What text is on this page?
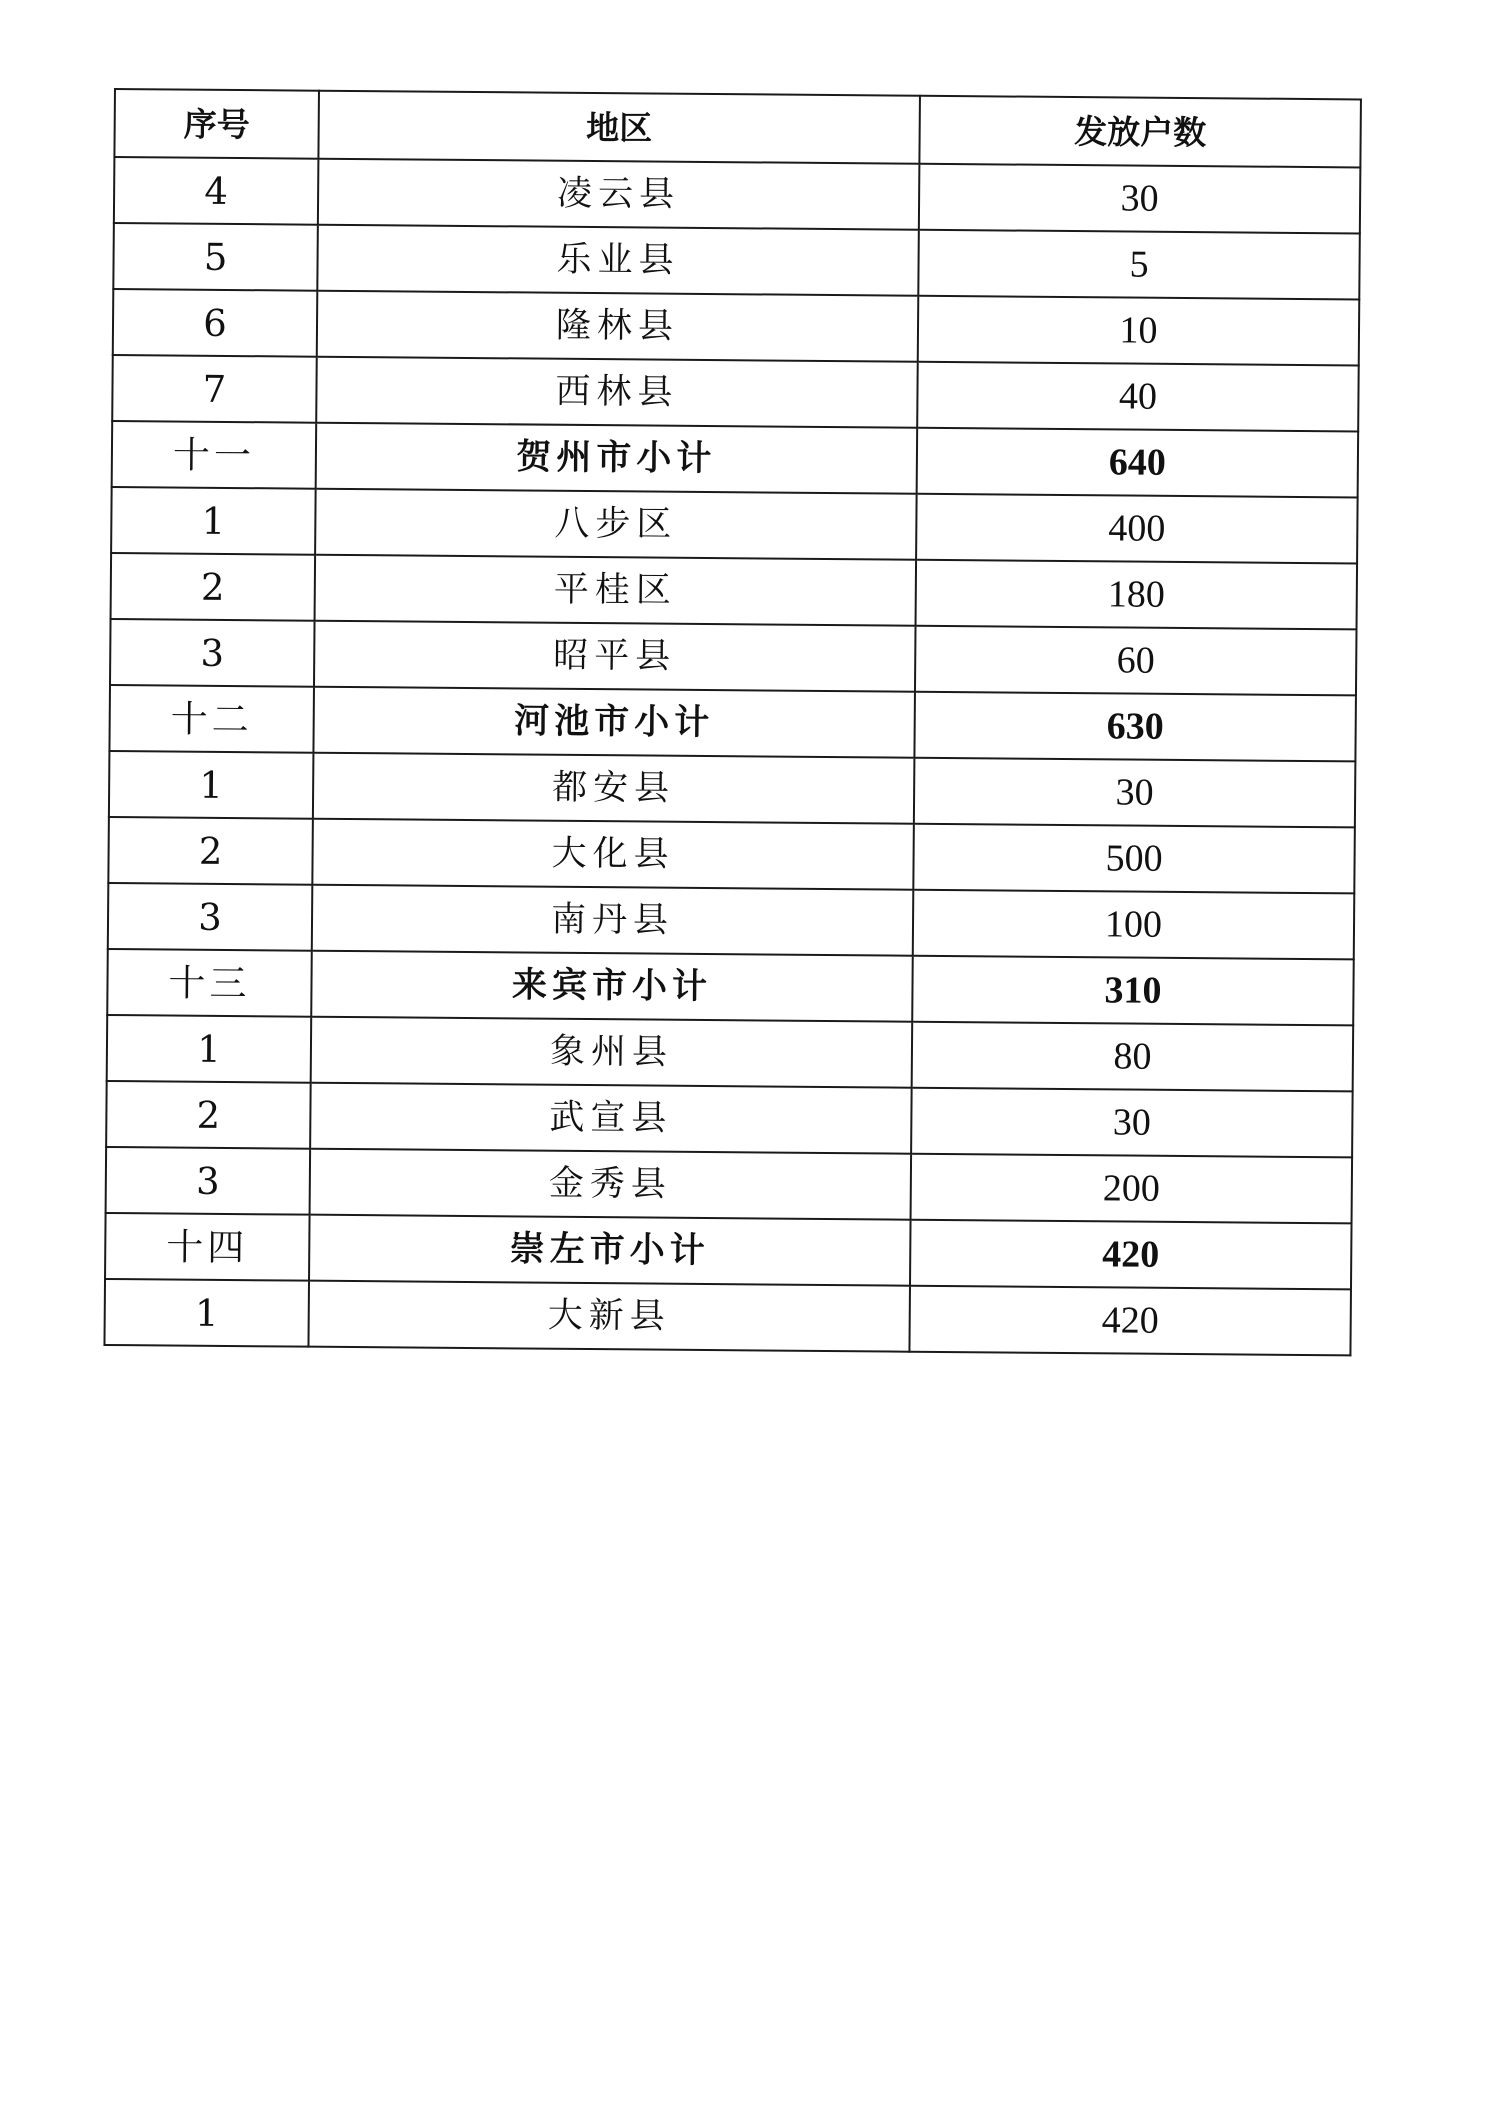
序号	地区	发放户数
4	凌云县	30
5	乐业县	5
6	隆林县	10
7	西林县	40
十一	贺州市小计	640
1	八步区	400
2	平桂区	180
3	昭平县	60
十二	河池市小计	630
1	都安县	30
2	大化县	500
3	南丹县	100
十三	来宾市小计	310
1	象州县	80
2	武宣县	30
3	金秀县	200
十四	崇左市小计	420
1	大新县	420
